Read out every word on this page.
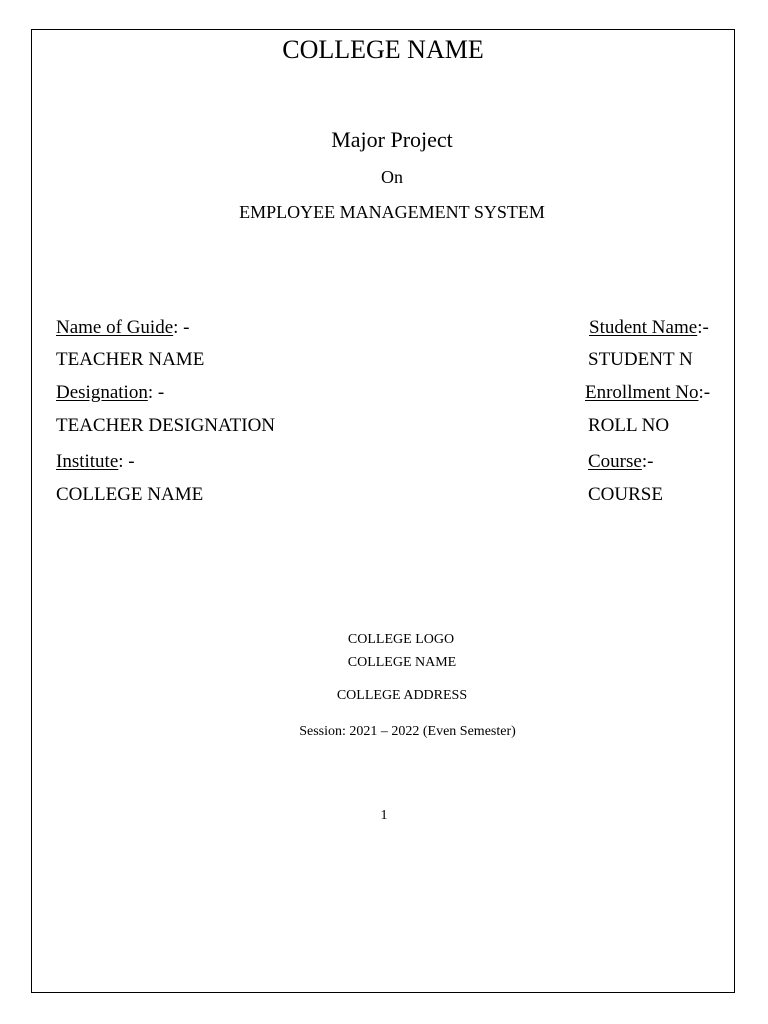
COLLEGE NAME
Major Project
On
EMPLOYEE MANAGEMENT SYSTEM
Name of Guide: -
TEACHER NAME
Designation: -
TEACHER DESIGNATION
Institute: -
COLLEGE NAME
Student Name:-
STUDENT N
Enrollment No:-
ROLL NO
Course:-
COURSE
COLLEGE LOGO
COLLEGE NAME
COLLEGE ADDRESS
Session: 2021 – 2022 (Even Semester)
1
